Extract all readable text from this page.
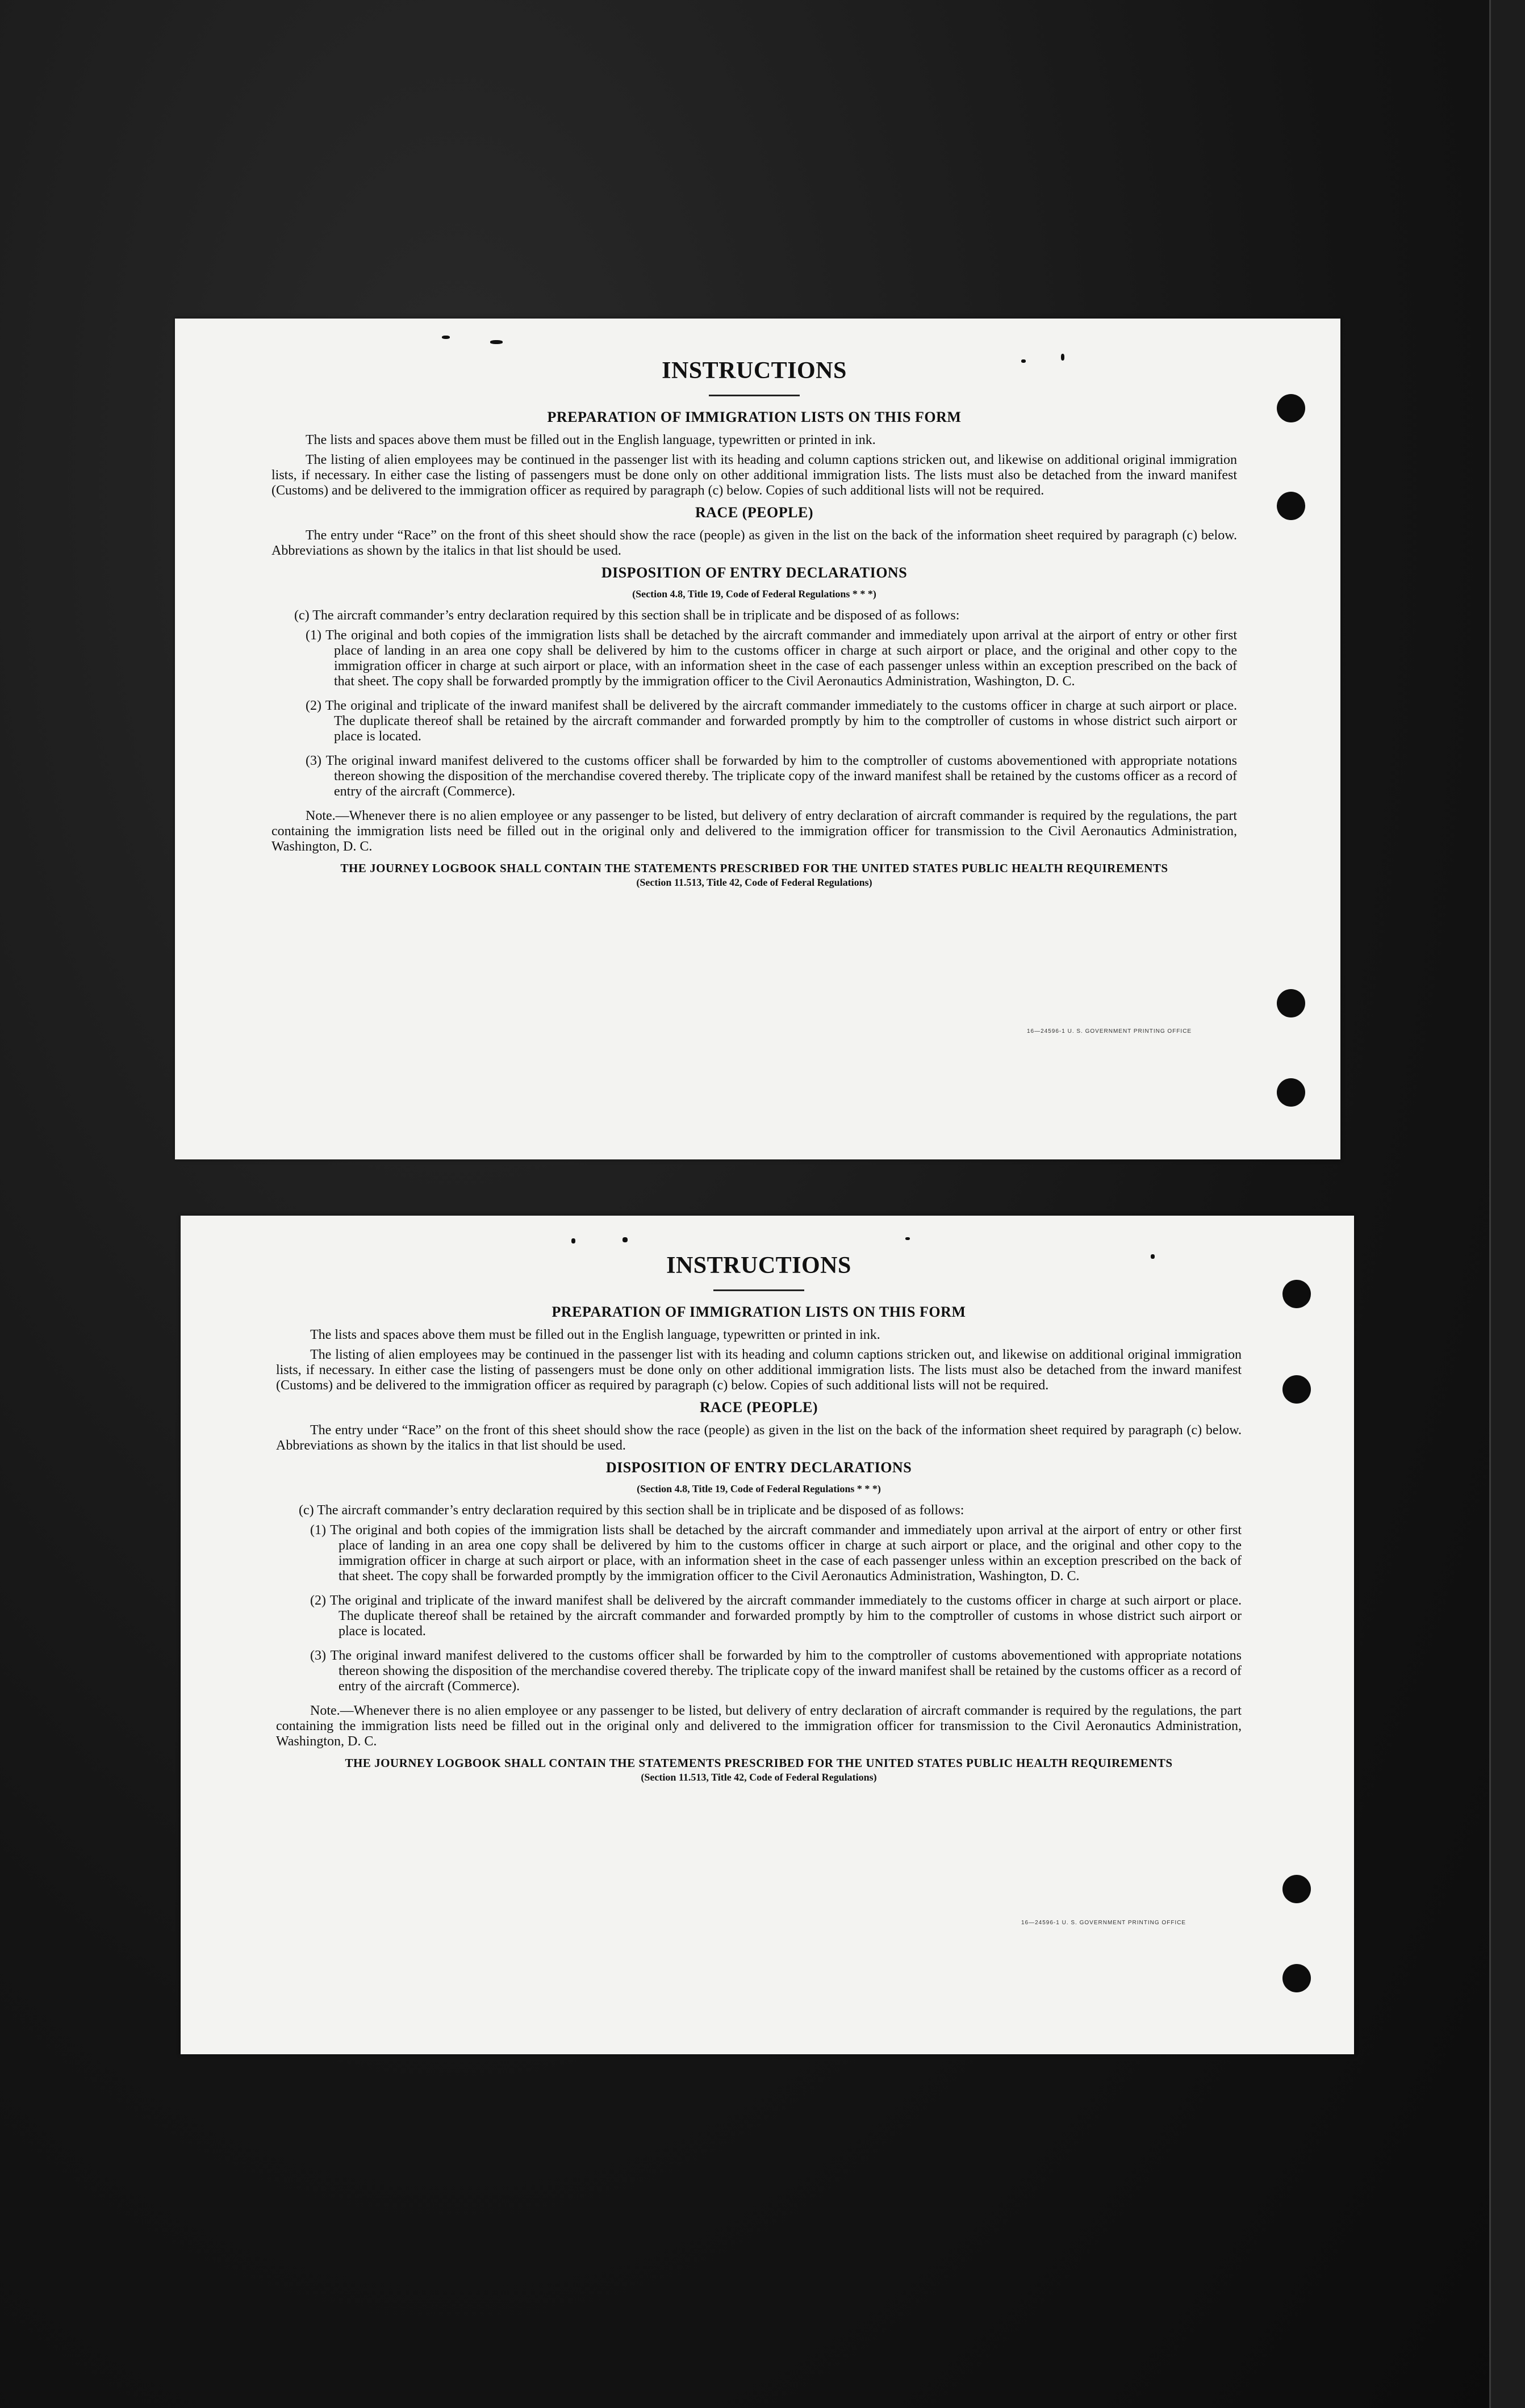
INSTRUCTIONS
PREPARATION OF IMMIGRATION LISTS ON THIS FORM

The lists and spaces above them must be filled out in the English language, typewritten or printed in ink.

The listing of alien employees may be continued in the passenger list with its heading and column captions stricken out, and likewise on additional original immigration lists, if necessary. In either case the listing of passengers must be done only on other additional immigration lists. The lists must also be detached from the inward manifest (Customs) and be delivered to the immigration officer as required by paragraph (c) below. Copies of such additional lists will not be required.

RACE (PEOPLE)

The entry under “Race” on the front of this sheet should show the race (people) as given in the list on the back of the information sheet required by paragraph (c) below. Abbreviations as shown by the italics in that list should be used.

DISPOSITION OF ENTRY DECLARATIONS
(Section 4.8, Title 19, Code of Federal Regulations * * *)

(c) The aircraft commander’s entry declaration required by this section shall be in triplicate and be disposed of as follows:

(1) The original and both copies of the immigration lists shall be detached by the aircraft commander and immediately upon arrival at the airport of entry or other first place of landing in an area one copy shall be delivered by him to the customs officer in charge at such airport or place, and the original and other copy to the immigration officer in charge at such airport or place, with an information sheet in the case of each passenger unless within an exception prescribed on the back of that sheet. The copy shall be forwarded promptly by the immigration officer to the Civil Aeronautics Administration, Washington, D. C.

(2) The original and triplicate of the inward manifest shall be delivered by the aircraft commander immediately to the customs officer in charge at such airport or place. The duplicate thereof shall be retained by the aircraft commander and forwarded promptly by him to the comptroller of customs in whose district such airport or place is located.

(3) The original inward manifest delivered to the customs officer shall be forwarded by him to the comptroller of customs abovementioned with appropriate notations thereon showing the disposition of the merchandise covered thereby. The triplicate copy of the inward manifest shall be retained by the customs officer as a record of entry of the aircraft (Commerce).

Note.—Whenever there is no alien employee or any passenger to be listed, but delivery of entry declaration of aircraft commander is required by the regulations, the part containing the immigration lists need be filled out in the original only and delivered to the immigration officer for transmission to the Civil Aeronautics Administration, Washington, D. C.

THE JOURNEY LOGBOOK SHALL CONTAIN THE STATEMENTS PRESCRIBED FOR THE UNITED STATES PUBLIC HEALTH REQUIREMENTS
(Section 11.513, Title 42, Code of Federal Regulations)
16—24596-1 U. S. GOVERNMENT PRINTING OFFICE
INSTRUCTIONS
PREPARATION OF IMMIGRATION LISTS ON THIS FORM

The lists and spaces above them must be filled out in the English language, typewritten or printed in ink.

The listing of alien employees may be continued in the passenger list with its heading and column captions stricken out, and likewise on additional original immigration lists, if necessary. In either case the listing of passengers must be done only on other additional immigration lists. The lists must also be detached from the inward manifest (Customs) and be delivered to the immigration officer as required by paragraph (c) below. Copies of such additional lists will not be required.

RACE (PEOPLE)

The entry under “Race” on the front of this sheet should show the race (people) as given in the list on the back of the information sheet required by paragraph (c) below. Abbreviations as shown by the italics in that list should be used.

DISPOSITION OF ENTRY DECLARATIONS
(Section 4.8, Title 19, Code of Federal Regulations * * *)

(c) The aircraft commander’s entry declaration required by this section shall be in triplicate and be disposed of as follows:

(1) The original and both copies of the immigration lists shall be detached by the aircraft commander and immediately upon arrival at the airport of entry or other first place of landing in an area one copy shall be delivered by him to the customs officer in charge at such airport or place, and the original and other copy to the immigration officer in charge at such airport or place, with an information sheet in the case of each passenger unless within an exception prescribed on the back of that sheet. The copy shall be forwarded promptly by the immigration officer to the Civil Aeronautics Administration, Washington, D. C.

(2) The original and triplicate of the inward manifest shall be delivered by the aircraft commander immediately to the customs officer in charge at such airport or place. The duplicate thereof shall be retained by the aircraft commander and forwarded promptly by him to the comptroller of customs in whose district such airport or place is located.

(3) The original inward manifest delivered to the customs officer shall be forwarded by him to the comptroller of customs abovementioned with appropriate notations thereon showing the disposition of the merchandise covered thereby. The triplicate copy of the inward manifest shall be retained by the customs officer as a record of entry of the aircraft (Commerce).

Note.—Whenever there is no alien employee or any passenger to be listed, but delivery of entry declaration of aircraft commander is required by the regulations, the part containing the immigration lists need be filled out in the original only and delivered to the immigration officer for transmission to the Civil Aeronautics Administration, Washington, D. C.

THE JOURNEY LOGBOOK SHALL CONTAIN THE STATEMENTS PRESCRIBED FOR THE UNITED STATES PUBLIC HEALTH REQUIREMENTS
(Section 11.513, Title 42, Code of Federal Regulations)
16—24596-1 U. S. GOVERNMENT PRINTING OFFICE
